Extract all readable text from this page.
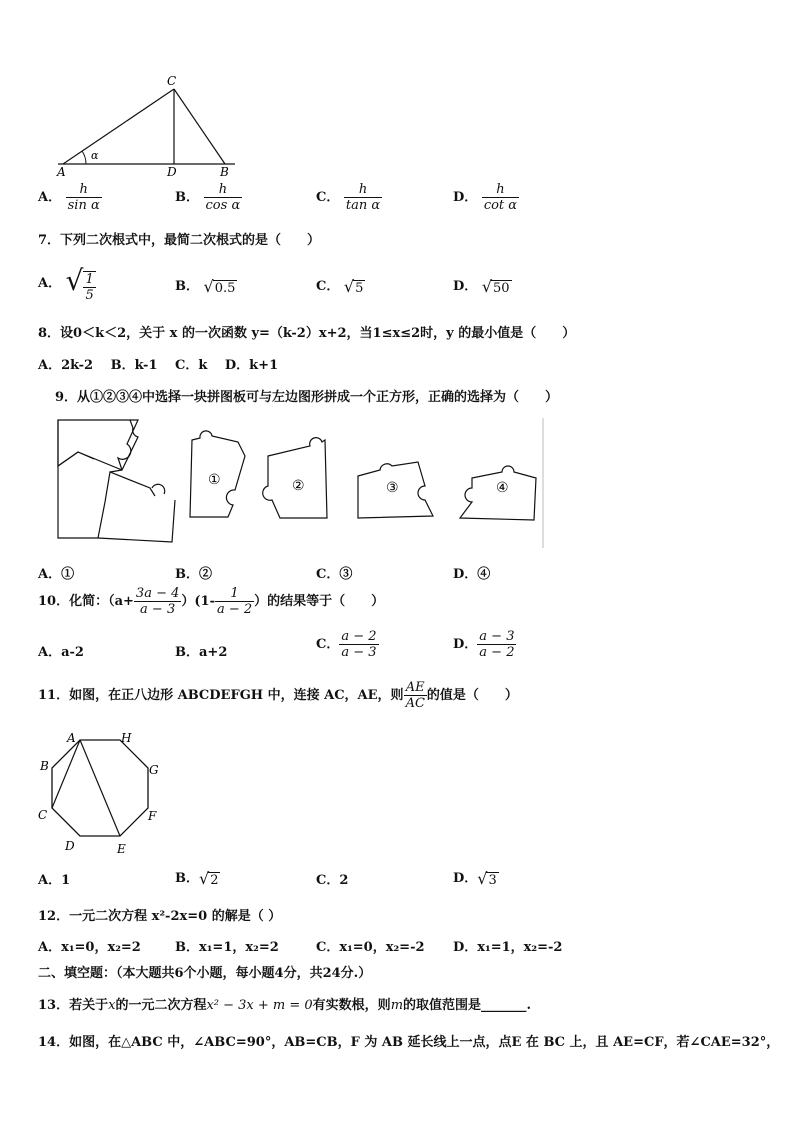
C
A	D	B
α
A． $\frac{h}{\text{sin α}}$	B． $\frac{h}{\text{cos α}}$	C． $\frac{h}{\text{tan α}}$	D． $\frac{h}{\text{cot α}}$
7．下列二次根式中，最简二次根式的是（　　）
A． √ $\frac{1}{5}$	B． √0.5	C． √5	D． √50
8．设0＜k＜2，关于 x 的一次函数 y=（k-2）x+2，当1≤x≤2时，y 的最小值是（　　）
A．2k-2　 B．k-1　 C．k　 D．k+1
9．从①②③④中选择一块拼图板可与左边图形拼成一个正方形，正确的选择为（　　）
①	②	③	④
A．①	B．②	C．③	D．④
10．化简：$(a+ \frac{3a - 4}{a - 3} )(1- \frac{1}{a - 2}$ ）的结果等于（　　）
A．a-2	B．a+2
C． $\frac{a - 2}{a - 3}$	D． $\frac{a - 3}{a - 2}$
11．如图，在正八边形 ABCDEFGH 中，连接 AC，AE，则 $\frac{AE}{AC}$ 的值是（　　）
A	H
B	G
C	F
D	E
A．1	B．√2	C．2	D．√3
12．一元二次方程 x²-2x=0 的解是（ ）
A．x₁=0，x₂=2	B．x₁=1，x₂=2	C．x₁=0，x₂=-2 D．x₁=1，x₂=-2
二、填空题：（本大题共6个小题，每小题4分，共24分.）
13．若关于x的一元二次方程x² − 3x + m = 0有实数根，则m的取值范围是_______.
14．如图，在△ABC 中，∠ABC=90°，AB=CB，F 为 AB 延长线上一点，点E 在 BC 上，且 AE=CF，若∠CAE=32°，
